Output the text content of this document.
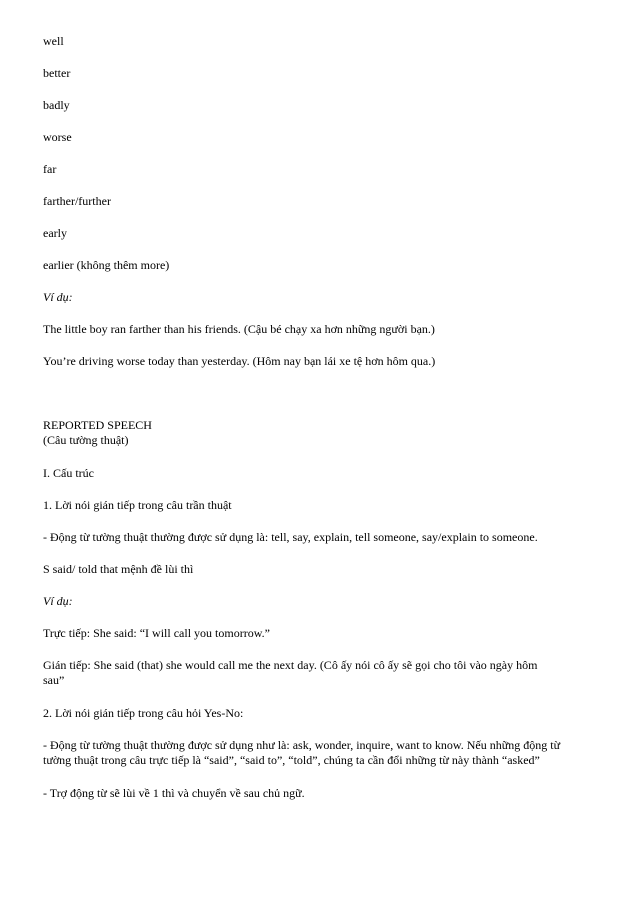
well

better

badly

worse

far

farther/further

early

earlier (không thêm more)

Ví dụ:

The little boy ran farther than his friends. (Cậu bé chạy xa hơn những người bạn.)

You’re driving worse today than yesterday. (Hôm nay bạn lái xe tệ hơn hôm qua.)

REPORTED SPEECH

(Câu tường thuật)

I. Cấu trúc

1. Lời nói gián tiếp trong câu trần thuật

- Động từ tường thuật thường được sử dụng là: tell, say, explain, tell someone, say/explain to someone.

S said/ told that mệnh đề lùi thì

Ví dụ:

Trực tiếp: She said: “I will call you tomorrow.”

Gián tiếp: She said (that) she would call me the next day. (Cô ấy nói cô ấy sẽ gọi cho tôi vào ngày hôm

sau”

2. Lời nói gián tiếp trong câu hỏi Yes-No:

- Động từ tường thuật thường được sử dụng như là: ask, wonder, inquire, want to know. Nếu những động từ

tường thuật trong câu trực tiếp là “said”, “said to”, “told”, chúng ta cần đổi những từ này thành “asked”

- Trợ động từ sẽ lùi về 1 thì và chuyển về sau chủ ngữ.
